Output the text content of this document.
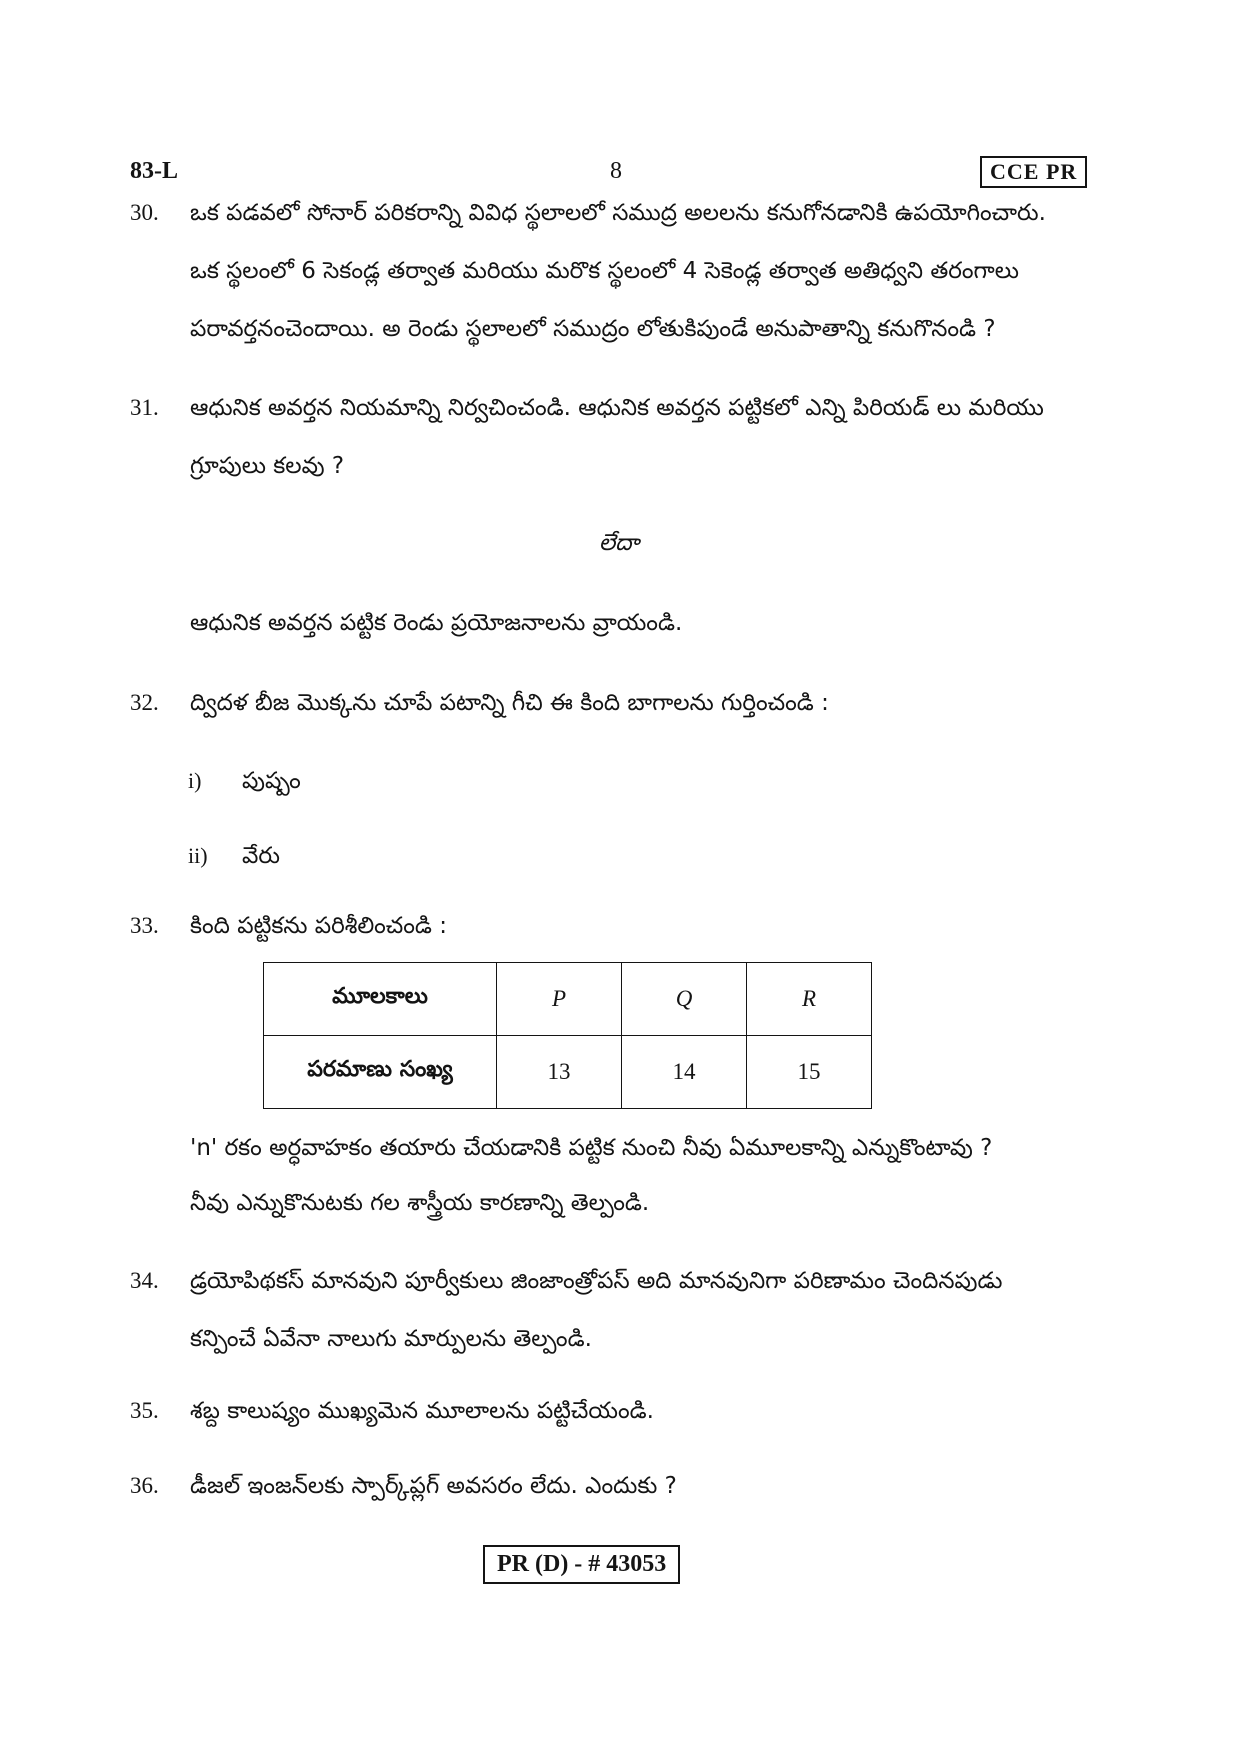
83-L	8	CCE PR
30. ఒక పడవలో సోనార్ పరికరాన్ని వివిధ స్థలాలలో సముద్ర అలలను కనుగోనడానికి ఉపయోగించారు.
ఒక స్థలంలో 6 సెకండ్ల తర్వాత మరియు మరొక స్థలంలో 4 సెకెండ్ల తర్వాత అతిధ్వని తరంగాలు
పరావర్తనంచెందాయి. అ రెండు స్థలాలలో సముద్రం లోతుకిపుండే అనుపాతాన్ని కనుగొనండి ?
31. ఆధునిక అవర్తన నియమాన్ని నిర్వచించండి. ఆధునిక అవర్తన పట్టికలో ఎన్ని పిరియడ్ లు మరియు
గ్రూపులు కలవు ?
లేదా
ఆధునిక అవర్తన పట్టిక రెండు ప్రయోజనాలను వ్రాయండి.
32. ద్విదళ బీజ మొక్కను చూపే పటాన్ని గీచి ఈ కింది బాగాలను గుర్తించండి :
i) పుష్పం
ii) వేరు
33. కింది పట్టికను పరిశీలించండి :
మూలకాలు	P	Q	R
పరమాణు సంఖ్య	13	14	15
'n' రకం అర్ధవాహకం తయారు చేయడానికి పట్టిక నుంచి నీవు ఏమూలకాన్ని ఎన్నుకొంటావు ?
నీవు ఎన్నుకొనుటకు గల శాస్త్రీయ కారణాన్ని తెల్పండి.
34. డ్రయోపిథకస్ మానవుని పూర్వీకులు జింజాంత్రోపస్ అది మానవునిగా పరిణామం చెందినపుడు
కన్పించే ఏవేనా నాలుగు మార్పులను తెల్పండి.
35. శబ్ద కాలుష్యం ముఖ్యమెన మూలాలను పట్టిచేయండి.
36. డీజల్ ఇంజన్‌లకు స్పార్క్‌ప్లగ్ అవసరం లేదు. ఎందుకు ?
PR (D) - # 43053
